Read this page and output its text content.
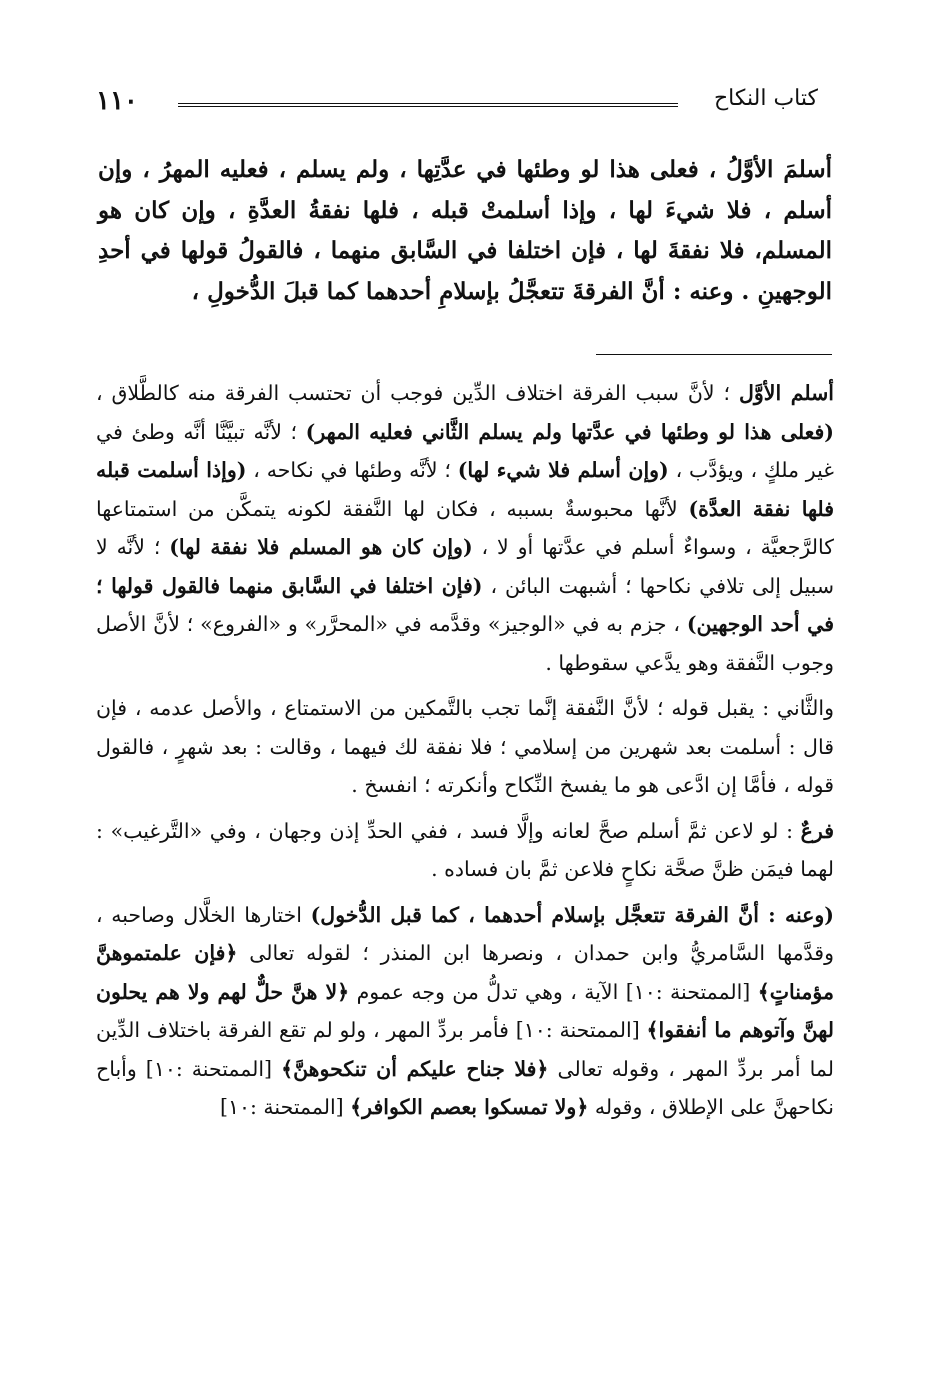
١١٠	كتاب النكاح
أسلمَ الأوَّلُ ، فعلى هذا لو وطئها في عدَّتِها ، ولم يسلم ، فعليه المهرُ ، وإن أسلم ، فلا شيءَ لها ، وإذا أسلمتْ قبله ، فلها نفقةُ العدَّةِ ، وإن كان هو المسلم، فلا نفقةَ لها ، فإن اختلفا في السَّابق منهما ، فالقولُ قولها في أحدِ الوجهينِ . وعنه : أنَّ الفرقةَ تتعجَّلُ بإسلامِ أحدهما كما قبلَ الدُّخولِ ،

أسلم الأوَّل ؛ لأنَّ سبب الفرقة اختلاف الدِّين فوجب أن تحتسب الفرقة منه كالطَّلاق ، (فعلى هذا لو وطئها في عدَّتها ولم يسلم الثَّاني فعليه المهر) ؛ لأنَّه تبيَّنَّا أنَّه وطئ في غير ملكٍ ، ويؤدَّب ، (وإن أسلم فلا شيء لها) ؛ لأنَّه وطئها في نكاحه ، (وإذا أسلمت قبله فلها نفقة العدَّة) لأنَّها محبوسةٌ بسببه ، فكان لها النَّفقة لكونه يتمكَّن من استمتاعها كالرَّجعيَّة ، وسواءٌ أسلم في عدَّتها أو لا ، (وإن كان هو المسلم فلا نفقة لها) ؛ لأنَّه لا سبيل إلى تلافي نكاحها ؛ أشبهت البائن ، (فإن اختلفا في السَّابق منهما فالقول قولها ؛ في أحد الوجهين) ، جزم به في «الوجيز» وقدَّمه في «المحرَّر» و «الفروع» ؛ لأنَّ الأصل وجوب النَّفقة وهو يدَّعي سقوطها .

والثَّاني : يقبل قوله ؛ لأنَّ النَّفقة إنَّما تجب بالتَّمكين من الاستمتاع ، والأصل عدمه ، فإن قال : أسلمت بعد شهرين من إسلامي ؛ فلا نفقة لك فيهما ، وقالت : بعد شهرٍ ، فالقول قوله ، فأمَّا إن ادَّعى هو ما يفسخ النِّكاح وأنكرته ؛ انفسخ .

فرعٌ : لو لاعن ثمَّ أسلم صحَّ لعانه وإلَّا فسد ، ففي الحدِّ إذن وجهان ، وفي «التَّرغيب» : لهما فيمَن ظنَّ صحَّة نكاحٍ فلاعن ثمَّ بان فساده .

(وعنه : أنَّ الفرقة تتعجَّل بإسلام أحدهما ، كما قبل الدُّخول) اختارها الخلَّال وصاحبه ، وقدَّمها السَّامريُّ وابن حمدان ، ونصرها ابن المنذر ؛ لقوله تعالى ﴿فإن علمتموهنَّ مؤمناتٍ﴾ [الممتحنة :١٠] الآية ، وهي تدلُّ من وجه عموم ﴿لا هنَّ حلٌّ لهم ولا هم يحلون لهنَّ وآتوهم ما أنفقوا﴾ [الممتحنة :١٠] فأمر بردِّ المهر ، ولو لم تقع الفرقة باختلاف الدِّين لما أمر بردِّ المهر ، وقوله تعالى ﴿فلا جناح عليكم أن تنكحوهنَّ﴾ [الممتحنة :١٠] وأباح نكاحهنَّ على الإطلاق ، وقوله ﴿ولا تمسكوا بعصم الكوافر﴾ [الممتحنة :١٠]
